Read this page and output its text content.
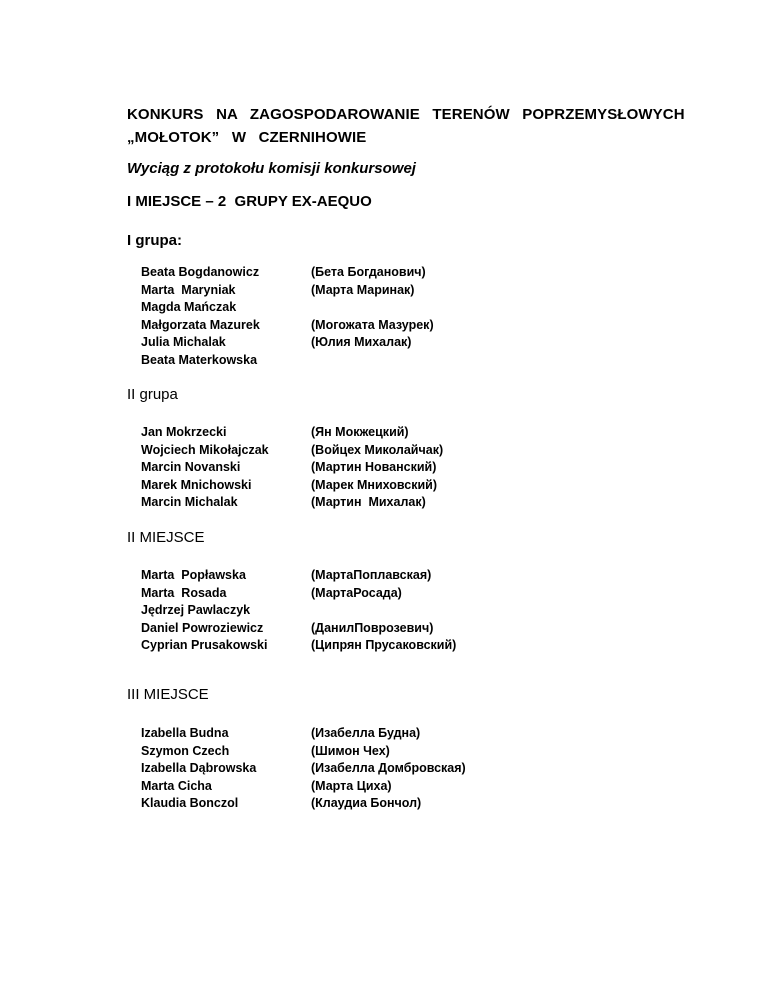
KONKURS  NA  ZAGOSPODAROWANIE  TERENÓW  POPRZEMYSŁOWYCH
„MOŁOTOK”  W  CZERNIHOWIE
Wyciąg z protokołu komisji konkursowej
I MIEJSCE – 2  GRUPY EX-AEQUO
I grupa:
Beata Bogdanowicz
Marta  Maryniak
Magda Mańczak
Małgorzata Mazurek
Julia Michalak
Beata Materkowska
(Бета Богданович)
(Марта Маринак)
(Могожата Мазурек)
(Юлия Михалак)
II grupa
Jan Mokrzecki
Wojciech Mikołajczak
Marcin Novanski
Marek Mnichowski
Marcin Michalak
(Ян Мокжецкий)
(Войцех Миколайчак)
(Мартин Нованский)
(Марек Мниховский)
(Мартин  Михалак)
II MIEJSCE
Marta  Popławska
Marta  Rosada
Jędrzej Pawlaczyk
Daniel Powroziewicz
Cyprian Prusakowski
(МартаПоплавская)
(МартаРосада)
(ДанилПоврозевич)
(Ципрян Прусаковский)
III MIEJSCE
Izabella Budna
Szymon Czech
Izabella Dąbrowska
Marta Cicha
Klaudia Bonczol
(Изабелла Будна)
(Шимон Чех)
(Изабелла Домбровская)
(Марта Циха)
(Клаудиа Бончол)
